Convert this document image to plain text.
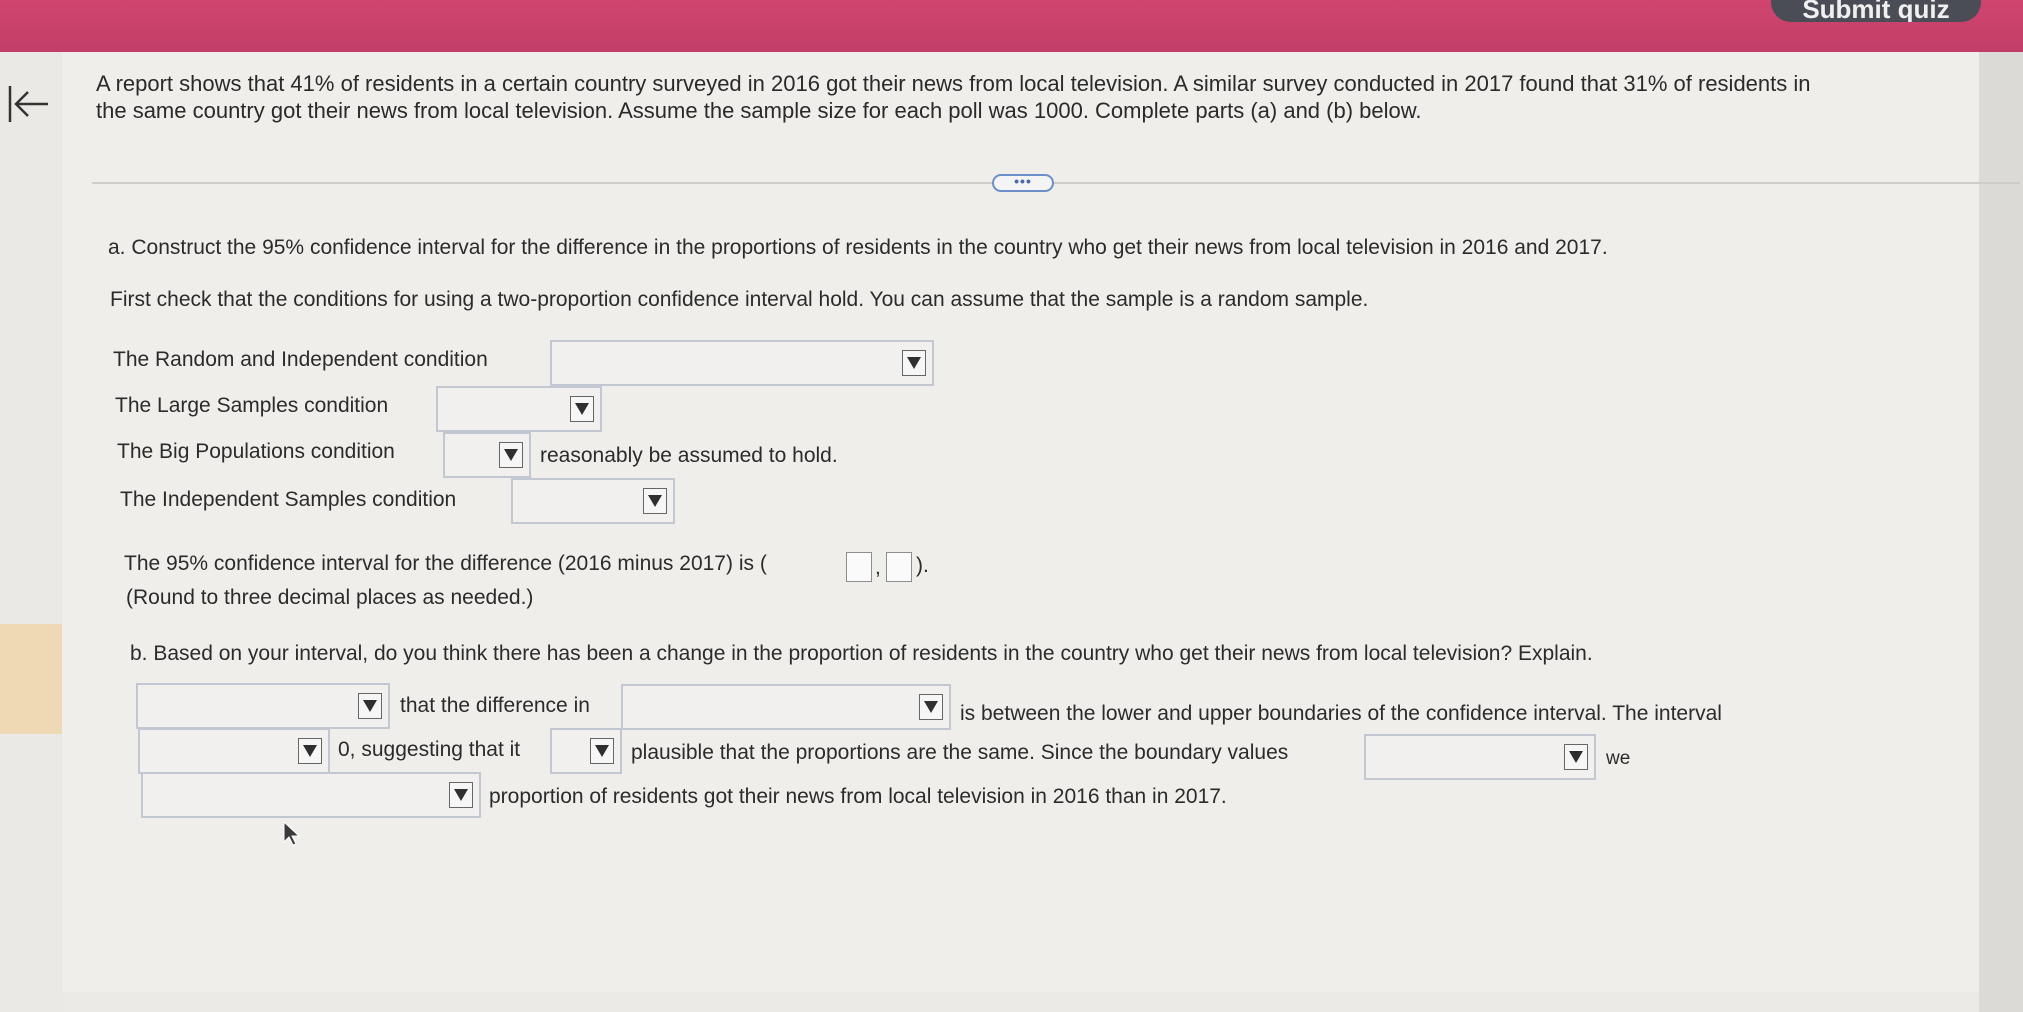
Submit quiz
A report shows that 41% of residents in a certain country surveyed in 2016 got their news from local television. A similar survey conducted in 2017 found that 31% of residents in
the same country got their news from local television. Assume the sample size for each poll was 1000. Complete parts (a) and (b) below.
•••
a. Construct the 95% confidence interval for the difference in the proportions of residents in the country who get their news from local television in 2016 and 2017.
First check that the conditions for using a two-proportion confidence interval hold. You can assume that the sample is a random sample.
The Random and Independent condition
The Large Samples condition
The Big Populations condition	reasonably be assumed to hold.
The Independent Samples condition
The 95% confidence interval for the difference (2016 minus 2017) is (	, ).
(Round to three decimal places as needed.)
b. Based on your interval, do you think there has been a change in the proportion of residents in the country who get their news from local television? Explain.
that the difference in	is between the lower and upper boundaries of the confidence interval. The interval
0, suggesting that it	plausible that the proportions are the same. Since the boundary values	we
proportion of residents got their news from local television in 2016 than in 2017.
